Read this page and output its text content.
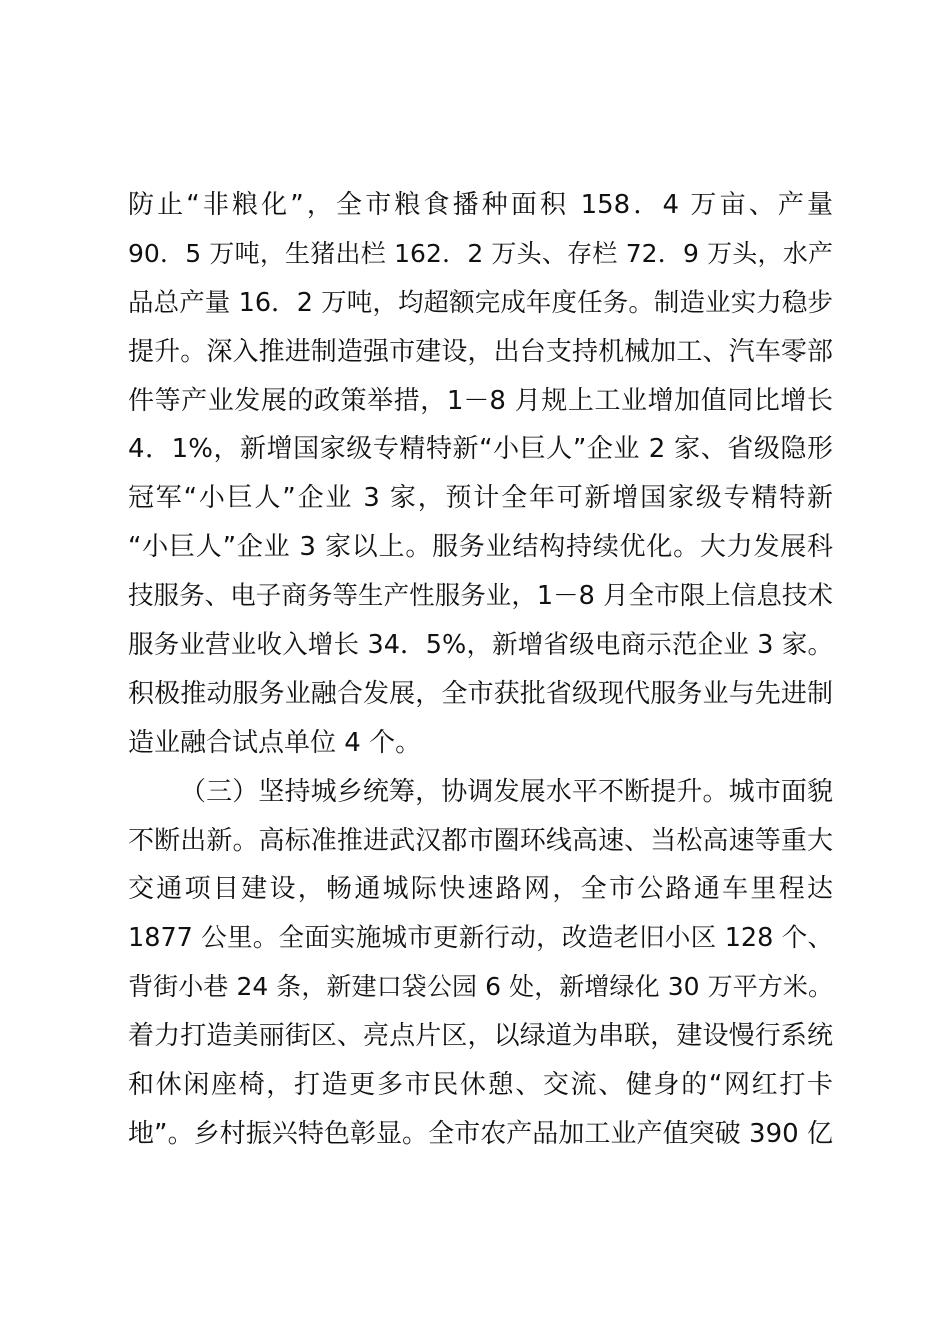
防止“非粮化”，全市粮食播种面积 158．4 万亩、产量
90．5 万吨，生猪出栏 162．2 万头、存栏 72．9 万头，水产
品总产量 16．2 万吨，均超额完成年度任务。制造业实力稳步
提升。深入推进制造强市建设，出台支持机械加工、汽车零部
件等产业发展的政策举措，1－8 月规上工业增加值同比增长
4．1%，新增国家级专精特新“小巨人”企业 2 家、省级隐形
冠军“小巨人”企业 3 家，预计全年可新增国家级专精特新
“小巨人”企业 3 家以上。服务业结构持续优化。大力发展科
技服务、电子商务等生产性服务业，1－8 月全市限上信息技术
服务业营业收入增长 34．5%，新增省级电商示范企业 3 家。
积极推动服务业融合发展，全市获批省级现代服务业与先进制
造业融合试点单位 4 个。

（三）坚持城乡统筹，协调发展水平不断提升。城市面貌
不断出新。高标准推进武汉都市圈环线高速、当松高速等重大
交通项目建设，畅通城际快速路网，全市公路通车里程达
1877 公里。全面实施城市更新行动，改造老旧小区 128 个、
背街小巷 24 条，新建口袋公园 6 处，新增绿化 30 万平方米。
着力打造美丽街区、亮点片区，以绿道为串联，建设慢行系统
和休闲座椅，打造更多市民休憩、交流、健身的“网红打卡
地”。乡村振兴特色彰显。全市农产品加工业产值突破 390 亿
